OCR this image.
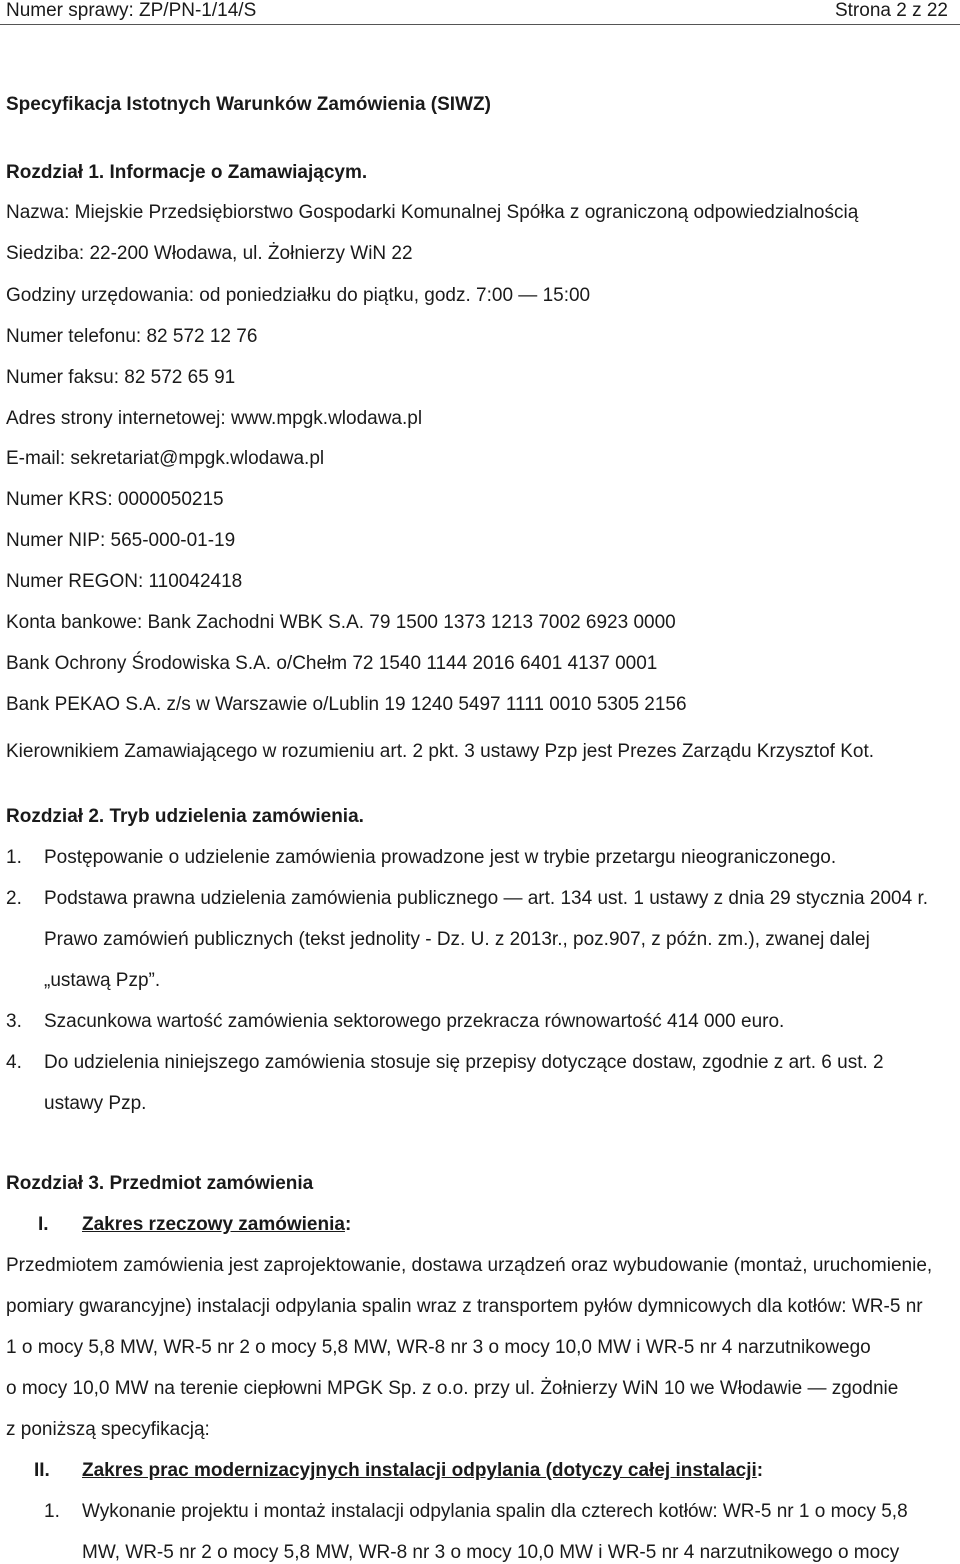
Numer sprawy: ZP/PN-1/14/S	Strona 2 z 22
Specyfikacja Istotnych Warunków Zamówienia (SIWZ)
Rozdział 1. Informacje o Zamawiającym.
Nazwa: Miejskie Przedsiębiorstwo Gospodarki Komunalnej Spółka z ograniczoną odpowiedzialnością
Siedziba: 22-200 Włodawa, ul. Żołnierzy WiN 22
Godziny urzędowania: od poniedziałku do piątku, godz. 7:00 — 15:00
Numer telefonu: 82 572 12 76
Numer faksu: 82 572 65 91
Adres strony internetowej: www.mpgk.wlodawa.pl
E-mail: sekretariat@mpgk.wlodawa.pl
Numer KRS: 0000050215
Numer NIP: 565-000-01-19
Numer REGON: 110042418
Konta bankowe: Bank Zachodni WBK S.A. 79 1500 1373 1213 7002 6923 0000
Bank Ochrony Środowiska S.A. o/Chełm 72 1540 1144 2016 6401 4137 0001
Bank PEKAO S.A. z/s w Warszawie o/Lublin 19 1240 5497 1111 0010 5305 2156
Kierownikiem Zamawiającego w rozumieniu art. 2 pkt. 3 ustawy Pzp jest Prezes Zarządu Krzysztof Kot.
Rozdział 2. Tryb udzielenia zamówienia.
1. Postępowanie o udzielenie zamówienia prowadzone jest w trybie przetargu nieograniczonego.
2. Podstawa prawna udzielenia zamówienia publicznego — art. 134 ust. 1 ustawy z dnia 29 stycznia 2004 r.
Prawo zamówień publicznych (tekst jednolity - Dz. U. z 2013r., poz.907, z późn. zm.), zwanej dalej
„ustawą Pzp”.
3. Szacunkowa wartość zamówienia sektorowego przekracza równowartość 414 000 euro.
4. Do udzielenia niniejszego zamówienia stosuje się przepisy dotyczące dostaw, zgodnie z art. 6 ust. 2
ustawy Pzp.
Rozdział 3. Przedmiot zamówienia
I. Zakres rzeczowy zamówienia:
Przedmiotem zamówienia jest zaprojektowanie, dostawa urządzeń oraz wybudowanie (montaż, uruchomienie,
pomiary gwarancyjne) instalacji odpylania spalin wraz z transportem pyłów dymnicowych dla kotłów: WR-5 nr
1 o mocy 5,8 MW, WR-5 nr 2 o mocy 5,8 MW, WR-8 nr 3 o mocy 10,0 MW i WR-5 nr 4 narzutnikowego
o mocy 10,0 MW na terenie ciepłowni MPGK Sp. z o.o. przy ul. Żołnierzy WiN 10 we Włodawie — zgodnie
z poniższą specyfikacją:
II. Zakres prac modernizacyjnych instalacji odpylania (dotyczy całej instalacji:
1. Wykonanie projektu i montaż instalacji odpylania spalin dla czterech kotłów: WR-5 nr 1 o mocy 5,8
MW, WR-5 nr 2 o mocy 5,8 MW, WR-8 nr 3 o mocy 10,0 MW i WR-5 nr 4 narzutnikowego o mocy
